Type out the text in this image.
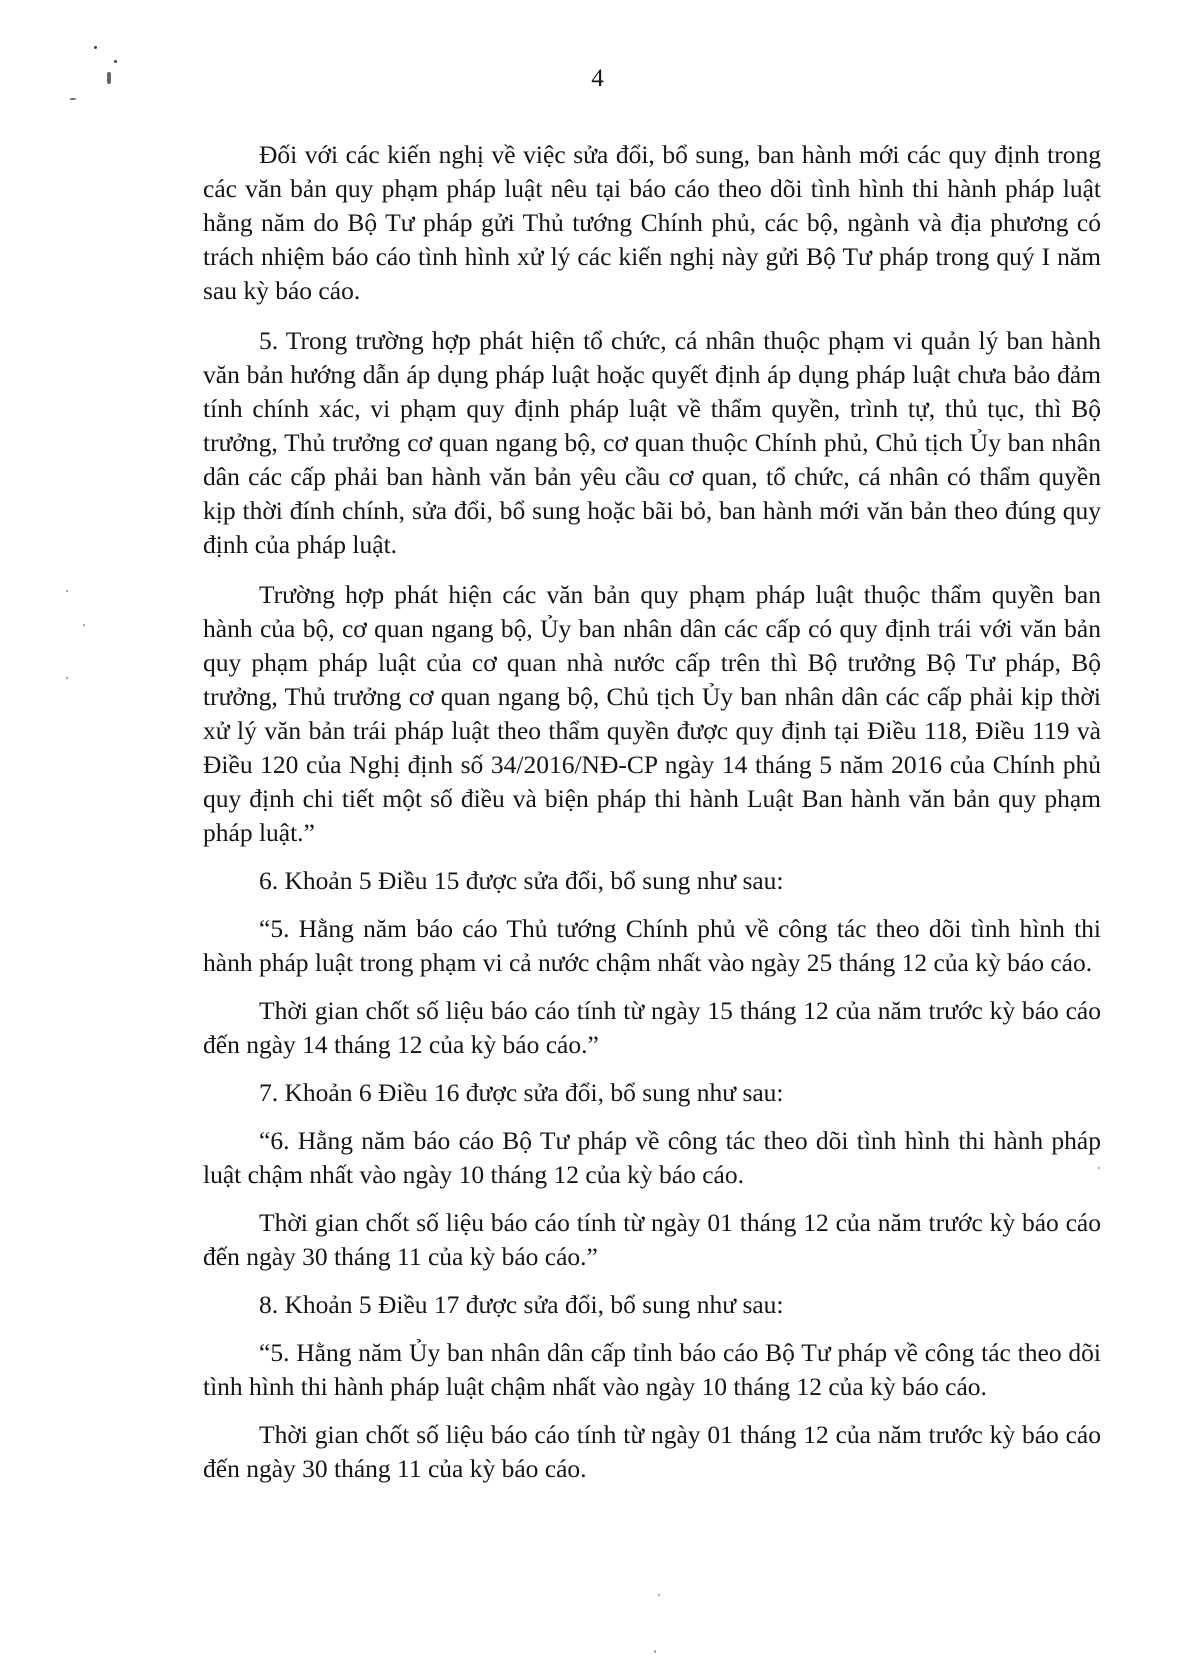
4

Đối với các kiến nghị về việc sửa đổi, bổ sung, ban hành mới các quy định trong các văn bản quy phạm pháp luật nêu tại báo cáo theo dõi tình hình thi hành pháp luật hằng năm do Bộ Tư pháp gửi Thủ tướng Chính phủ, các bộ, ngành và địa phương có trách nhiệm báo cáo tình hình xử lý các kiến nghị này gửi Bộ Tư pháp trong quý I năm sau kỳ báo cáo.

5. Trong trường hợp phát hiện tổ chức, cá nhân thuộc phạm vi quản lý ban hành văn bản hướng dẫn áp dụng pháp luật hoặc quyết định áp dụng pháp luật chưa bảo đảm tính chính xác, vi phạm quy định pháp luật về thẩm quyền, trình tự, thủ tục, thì Bộ trưởng, Thủ trưởng cơ quan ngang bộ, cơ quan thuộc Chính phủ, Chủ tịch Ủy ban nhân dân các cấp phải ban hành văn bản yêu cầu cơ quan, tổ chức, cá nhân có thẩm quyền kịp thời đính chính, sửa đổi, bổ sung hoặc bãi bỏ, ban hành mới văn bản theo đúng quy định của pháp luật.

Trường hợp phát hiện các văn bản quy phạm pháp luật thuộc thẩm quyền ban hành của bộ, cơ quan ngang bộ, Ủy ban nhân dân các cấp có quy định trái với văn bản quy phạm pháp luật của cơ quan nhà nước cấp trên thì Bộ trưởng Bộ Tư pháp, Bộ trưởng, Thủ trưởng cơ quan ngang bộ, Chủ tịch Ủy ban nhân dân các cấp phải kịp thời xử lý văn bản trái pháp luật theo thẩm quyền được quy định tại Điều 118, Điều 119 và Điều 120 của Nghị định số 34/2016/NĐ-CP ngày 14 tháng 5 năm 2016 của Chính phủ quy định chi tiết một số điều và biện pháp thi hành Luật Ban hành văn bản quy phạm pháp luật.”

6. Khoản 5 Điều 15 được sửa đổi, bổ sung như sau:

“5. Hằng năm báo cáo Thủ tướng Chính phủ về công tác theo dõi tình hình thi hành pháp luật trong phạm vi cả nước chậm nhất vào ngày 25 tháng 12 của kỳ báo cáo.

Thời gian chốt số liệu báo cáo tính từ ngày 15 tháng 12 của năm trước kỳ báo cáo đến ngày 14 tháng 12 của kỳ báo cáo.”

7. Khoản 6 Điều 16 được sửa đổi, bổ sung như sau:

“6. Hằng năm báo cáo Bộ Tư pháp về công tác theo dõi tình hình thi hành pháp luật chậm nhất vào ngày 10 tháng 12 của kỳ báo cáo.

Thời gian chốt số liệu báo cáo tính từ ngày 01 tháng 12 của năm trước kỳ báo cáo đến ngày 30 tháng 11 của kỳ báo cáo.”

8. Khoản 5 Điều 17 được sửa đổi, bổ sung như sau:

“5. Hằng năm Ủy ban nhân dân cấp tỉnh báo cáo Bộ Tư pháp về công tác theo dõi tình hình thi hành pháp luật chậm nhất vào ngày 10 tháng 12 của kỳ báo cáo.

Thời gian chốt số liệu báo cáo tính từ ngày 01 tháng 12 của năm trước kỳ báo cáo đến ngày 30 tháng 11 của kỳ báo cáo.
